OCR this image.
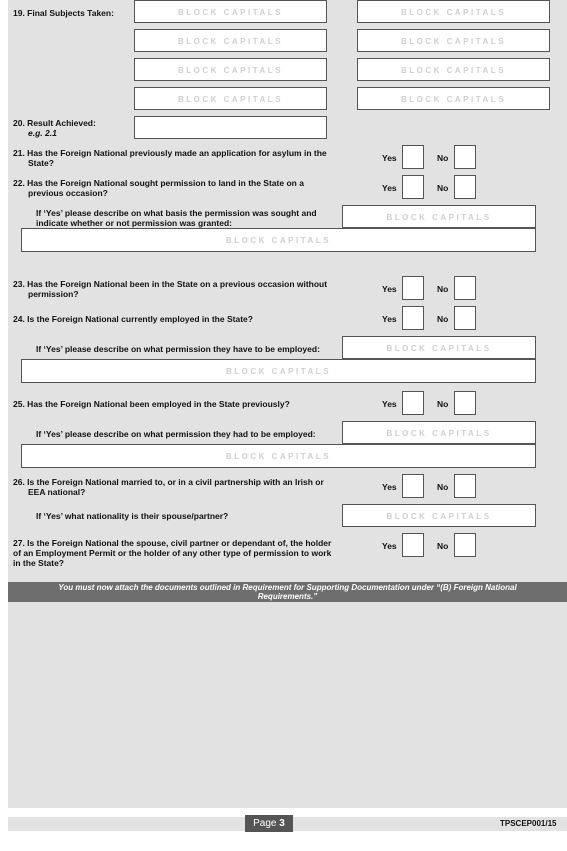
19. Final Subjects Taken:	BLOCK CAPITALS	BLOCK CAPITALS
BLOCK CAPITALS	BLOCK CAPITALS
BLOCK CAPITALS	BLOCK CAPITALS
BLOCK CAPITALS	BLOCK CAPITALS
20. Result Achieved:
e.g. 2.1
21. Has the Foreign National previously made an application for asylum in the
State?	Yes	No
22. Has the Foreign National sought permission to land in the State on a
previous occasion?	Yes	No
If ‘Yes’ please describe on what basis the permission was sought and
indicate whether or not permission was granted:
BLOCK CAPITALS
BLOCK CAPITALS
23. Has the Foreign National been in the State on a previous occasion without
permission?	Yes	No
24. Is the Foreign National currently employed in the State?	Yes	No
If ‘Yes’ please describe on what permission they have to be employed:	BLOCK CAPITALS
BLOCK CAPITALS
25. Has the Foreign National been employed in the State previously?	Yes	No
If ‘Yes’ please describe on what permission they had to be employed:	BLOCK CAPITALS
BLOCK CAPITALS
26. Is the Foreign National married to, or in a civil partnership with an Irish or
EEA national?	Yes	No
If ‘Yes’ what nationality is their spouse/partner?	BLOCK CAPITALS
27. Is the Foreign National the spouse, civil partner or dependant of, the holder
of an Employment Permit or the holder of any other type of permission to work
in the State?
Yes	No
You must now attach the documents outlined in Requirement for Supporting Documentation under “(B) Foreign National
Requirements.”
Page 3	TPSCEP001/15
